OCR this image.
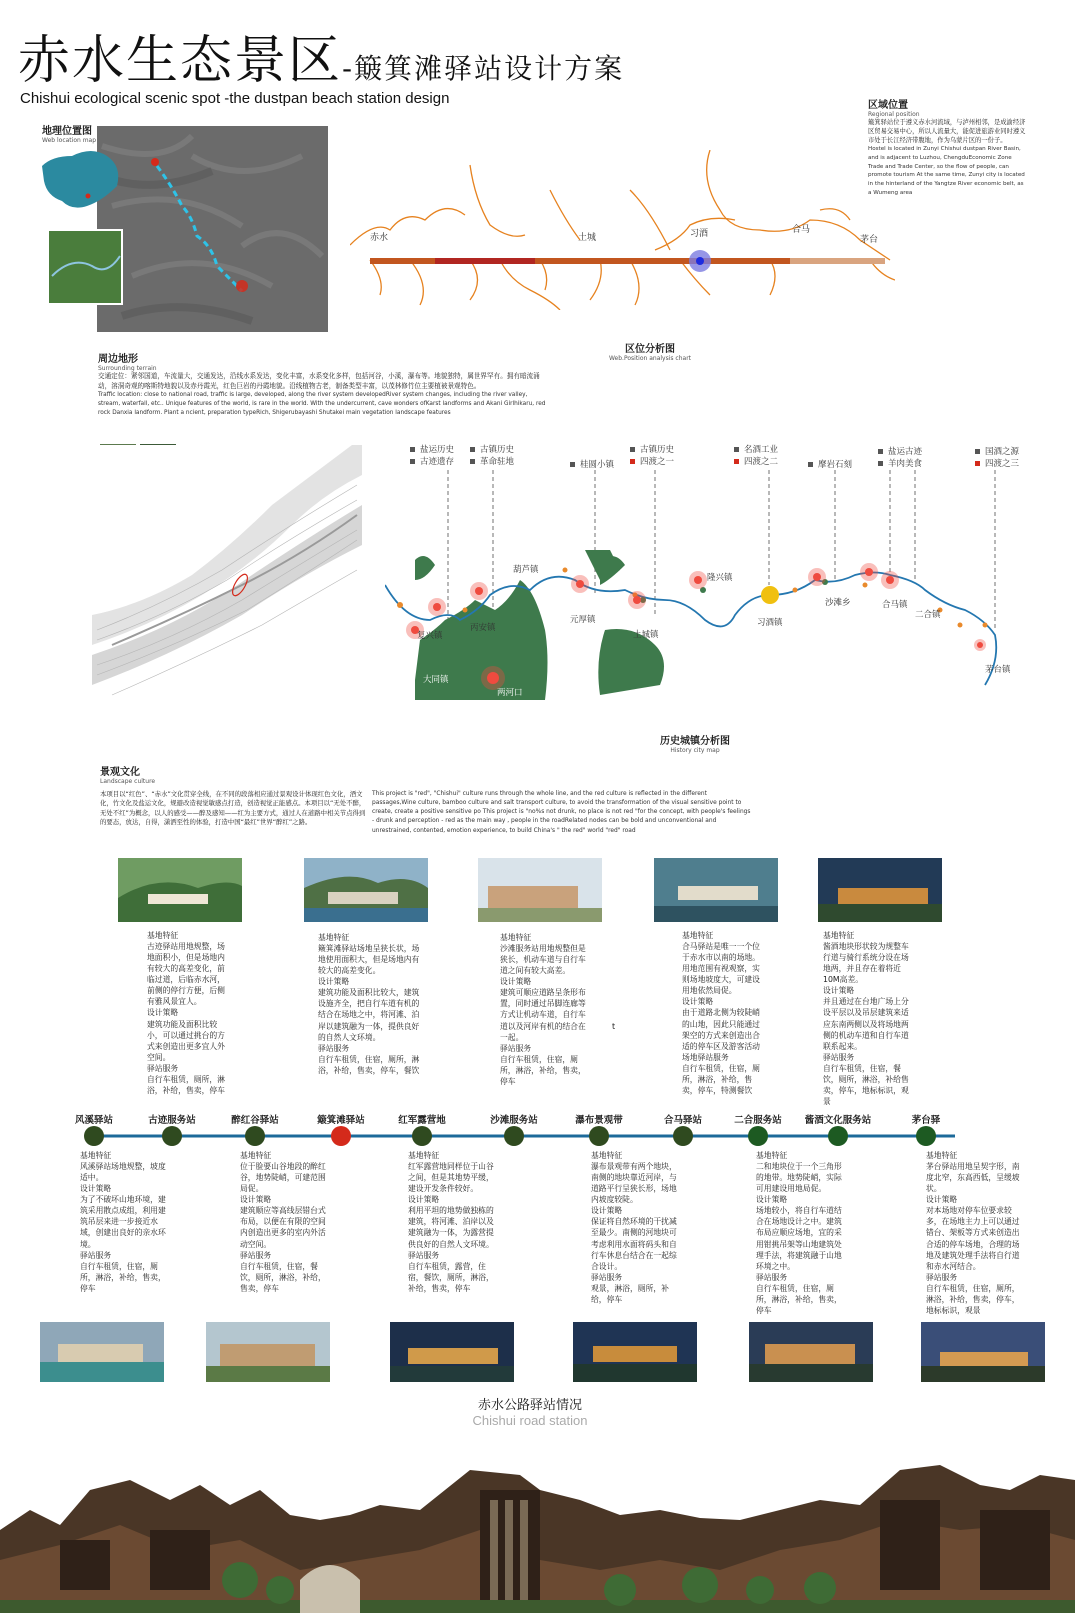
赤水生态景区-簸箕滩驿站设计方案
Chishui ecological scenic spot -the dustpan beach station design
地理位置图
Web location map
区域位置
Regional position
簸箕驿站位于遵义赤水河流域，与泸州相邻，是成渝经济区贸易交易中心，所以人流量大，能促进旅游业同时遵义市处于长江经济带腹地，作为乌蒙片区的一份子。
Hostel is located in Zunyi Chishui dustpan River Basin, and is adjacent to Luzhou, ChengduEconomic Zone Trade and Trade Center, so the flow of people, can promote tourism At the same time, Zunyi city is located in the hinterland of the Yangtze River economic belt, as a Wumeng area
赤水	土城	习酒	合马
茅台
区位分析图
Web.Position analysis chart
周边地形
Surrounding terrain
交通定位：紧邻国道，车流量大，交通发达，沿线水系发达，变化丰富，水系变化多样，包括河谷，小溪，瀑布等。地貌独特，属世界罕有。拥有暗流涌动，溶洞奇观的喀斯特地貌以及赤丹霞光，红色巨岩的丹霞地貌。沿线植物古老，制备类型丰富，以茂林修竹位主要植被景观特色。
Traffic location: close to national road, traffic is large, developed, along the river system developedRiver system changes, including the river valley, stream, waterfall, etc.. Unique features of the world, is rare in the world. With the undercurrent, cave wonders ofKarst landforms and Akani Girlhikaru, red rock Danxia landform. Plant a ncient, preparation typeRich, Shigerubayashi Shutakei main vegetation landscape features
盐运历史
古迹遗存
古镇历史
革命驻地	桂圆小镇
古镇历史
四渡之一
名酒工业
四渡之二	摩岩石刻
盐运古迹
羊肉美食
国酒之源
四渡之三
复兴镇
丙安镇
葫芦镇
元厚镇
土城镇
隆兴镇
习酒镇
沙滩乡	合马镇
二合镇
茅台镇
大同镇
两河口
历史城镇分析图
History city map
景观文化
Landscape culture
本项目以“红色”、“赤水”文化贯穿全线，在不同的段落相应通过景观设计体现红色文化，酒文化，竹文化及盐运文化，规避改造视觉敏感点打造，创造视觉正能感点。本项目以“无处不醉，无处不红”为概念，以人的感受——醉及感知——红为主要方式，通过人在道路中相关节点得到的要态，放达，自得，潇洒至性的体验，打造中国“最红”世界“醉红”之路。
This project is "red", "Chishui" culture runs through the whole line, and the red culture is reflected in the different passages,Wine culture, bamboo culture and salt transport culture, to avoid the transformation of the visual sensitive point to create, create a positive sensitive po This project is "no%s not drunk, no place is not red "for the concept, with people's feelings - drunk and perception - red as the main way , people in the roadRelated nodes can be bold and unconventional and unrestrained, contented, emotion experience, to build China's " the red" world "red" road
基地特征
古迹驿站用地规整，场地面积小，但是场地内有较大的高差变化，前临过道，后临赤水河，前侧的停行方便，后侧有雅风景宜人。
设计策略
建筑功能及面积比较小，可以通过挑台的方式来创造出更多宜人外空间。
驿站服务
自行车租赁，厕所，淋浴，补给，售卖，停车
基地特征
簸箕滩驿站场地呈狭长状，场地使用面积大，但是场地内有较大的高差变化。
设计策略
建筑功能及面积比较大，建筑设施齐全，把自行车道有机的结合在场地之中，将河滩、泊岸以建筑融为一体，提供良好的自然人文环境。
驿站服务
自行车租赁，住宿，厕所，淋浴，补给，售卖，停车，餐饮
基地特征
沙滩服务站用地规整但是狭长，机动车道与自行车道之间有较大高差。
设计策略
建筑可顺应道路呈条形布置，同时通过吊脚连廊等方式让机动车道，自行车道以及河岸有机的结合在一起。
驿站服务
自行车租赁，住宿，厕所，淋浴，补给，售卖，停车
基地特征
合马驿站是唯一一个位于赤水市以南的场地。用地范围有视观察，实则场地坡度大，可建设用地依然局促。
设计策略
由于道路北侧为较陡峭的山地，因此只能通过架空的方式来创造出合适的停车区及游客活动场地驿站服务
自行车租赁，住宿，厕所，淋浴，补给，售卖，停车，特测餐饮
基地特征
酱酒地块形状较为规整车行道与骑行系统分设在场地两，并且存在着将近10M高差。
设计策略
并且通过在台地广场上分设平层以及吊层建筑来适应东南两侧以及将场地两侧的机动车道和自行车道联系起来。
驿站服务
自行车租赁，住宿，餐饮，厕所，淋浴，补给售卖，停车，地标标识，观景
t
风溪驿站	古迹服务站	醉红谷驿站	簸箕滩驿站	红军露营地	沙滩服务站	瀑布景观带	合马驿站	二合服务站	酱酒文化服务站	茅台驿
基地特征
风溪驿站场地规整，坡度适中。
设计策略
为了不破坏山地环境，建筑采用散点成组，利用建筑吊层来进一步接近水域，创建出良好的亲水环境。
驿站服务
自行车租赁，住宿，厕所，淋浴，补给，售卖，停车
基地特征
位于脸要山谷地段的醉红谷，地势陡峭，可建范围局促。
设计策略
建筑顺应等高线层错台式布局，以便在有限的空间内创造出更多的室内外活动空间。
驿站服务
自行车租赁，住宿，餐饮，厕所，淋浴，补给，售卖，停车
基地特征
红军露营地同样位于山谷之间，但是其地势平缓，建设开发条件较好。
设计策略
利用平坦的地势做独栋的建筑，将河滩、泊岸以及建筑融为一体，为露营提供良好的自然人文环境。
驿站服务
自行车租赁，露营，住宿，餐饮，厕所，淋浴，补给，售卖，停车
基地特征
瀑布景观带有两个地块，南侧的地块靠近河岸，与道路平行呈狭长形，场地内坡度较陡。
设计策略
保证将自然环境的干扰减至最少。南侧的河地块可考虑利用水面将码头和自行车休息台结合在一起综合设计。
驿站服务
观景，淋浴，厕所，补给，停车
基地特征
二和地块位于一个三角形的地带。地势陡峭，实际可用建设用地局促。
设计策略
场地较小，将自行车道结合在场地设计之中。建筑布局应顺应场地，宜的采用钳挑吊架等山地建筑处理手法，将建筑融于山地环境之中。
驿站服务
自行车租赁，住宿，厕所，淋浴，补给，售卖，停车
基地特征
茅台驿站用地呈契字形，南度北窄，东高西低，呈缓坡状。
设计策略
对本场地对停车位要求较多，在场地主力上可以通过错台、架板等方式来创造出合适的停车场地，合理的场地及建筑处理手法将自行道和赤水河结合。
驿站服务
自行车租赁，住宿，厕所，淋浴，补给，售卖，停车，地标标识，观景
赤水公路驿站情况
Chishui road station
